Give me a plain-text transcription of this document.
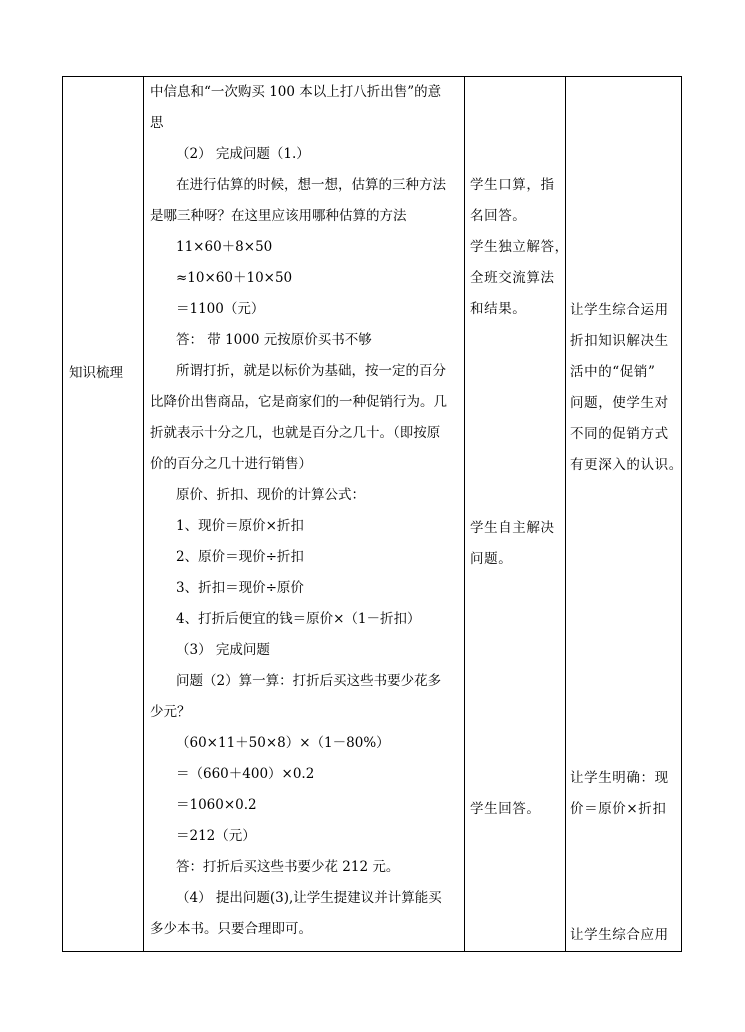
知识梳理
中信息和“一次购买 100 本以上打八折出售”的意
思
（2） 完成问题（1.）
在进行估算的时候，想一想，估算的三种方法
是哪三种呀？在这里应该用哪种估算的方法
11×60＋8×50
≈10×60＋10×50
＝1100（元）
答： 带 1000 元按原价买书不够
所谓打折，就是以标价为基础，按一定的百分
比降价出售商品，它是商家们的一种促销行为。几
折就表示十分之几，也就是百分之几十。（即按原
价的百分之几十进行销售）
原价、折扣、现价的计算公式：
1、现价＝原价×折扣
2、原价＝现价÷折扣
3、折扣＝现价÷原价
4、打折后便宜的钱＝原价×（1－折扣）
（3） 完成问题
问题（2）算一算：打折后买这些书要少花多
少元？
（60×11＋50×8）×（1－80%）
＝（660＋400）×0.2
＝1060×0.2
＝212（元）
答：打折后买这些书要少花 212 元。
（4） 提出问题(3),让学生提建议并计算能买
多少本书。只要合理即可。
学生口算，指
名回答。
学生独立解答，
全班交流算法
和结果。
学生自主解决
问题。
学生回答。
让学生综合运用
折扣知识解决生
活中的“促销”
问题，使学生对
不同的促销方式
有更深入的认识。
让学生明确：现
价＝原价×折扣
让学生综合应用
